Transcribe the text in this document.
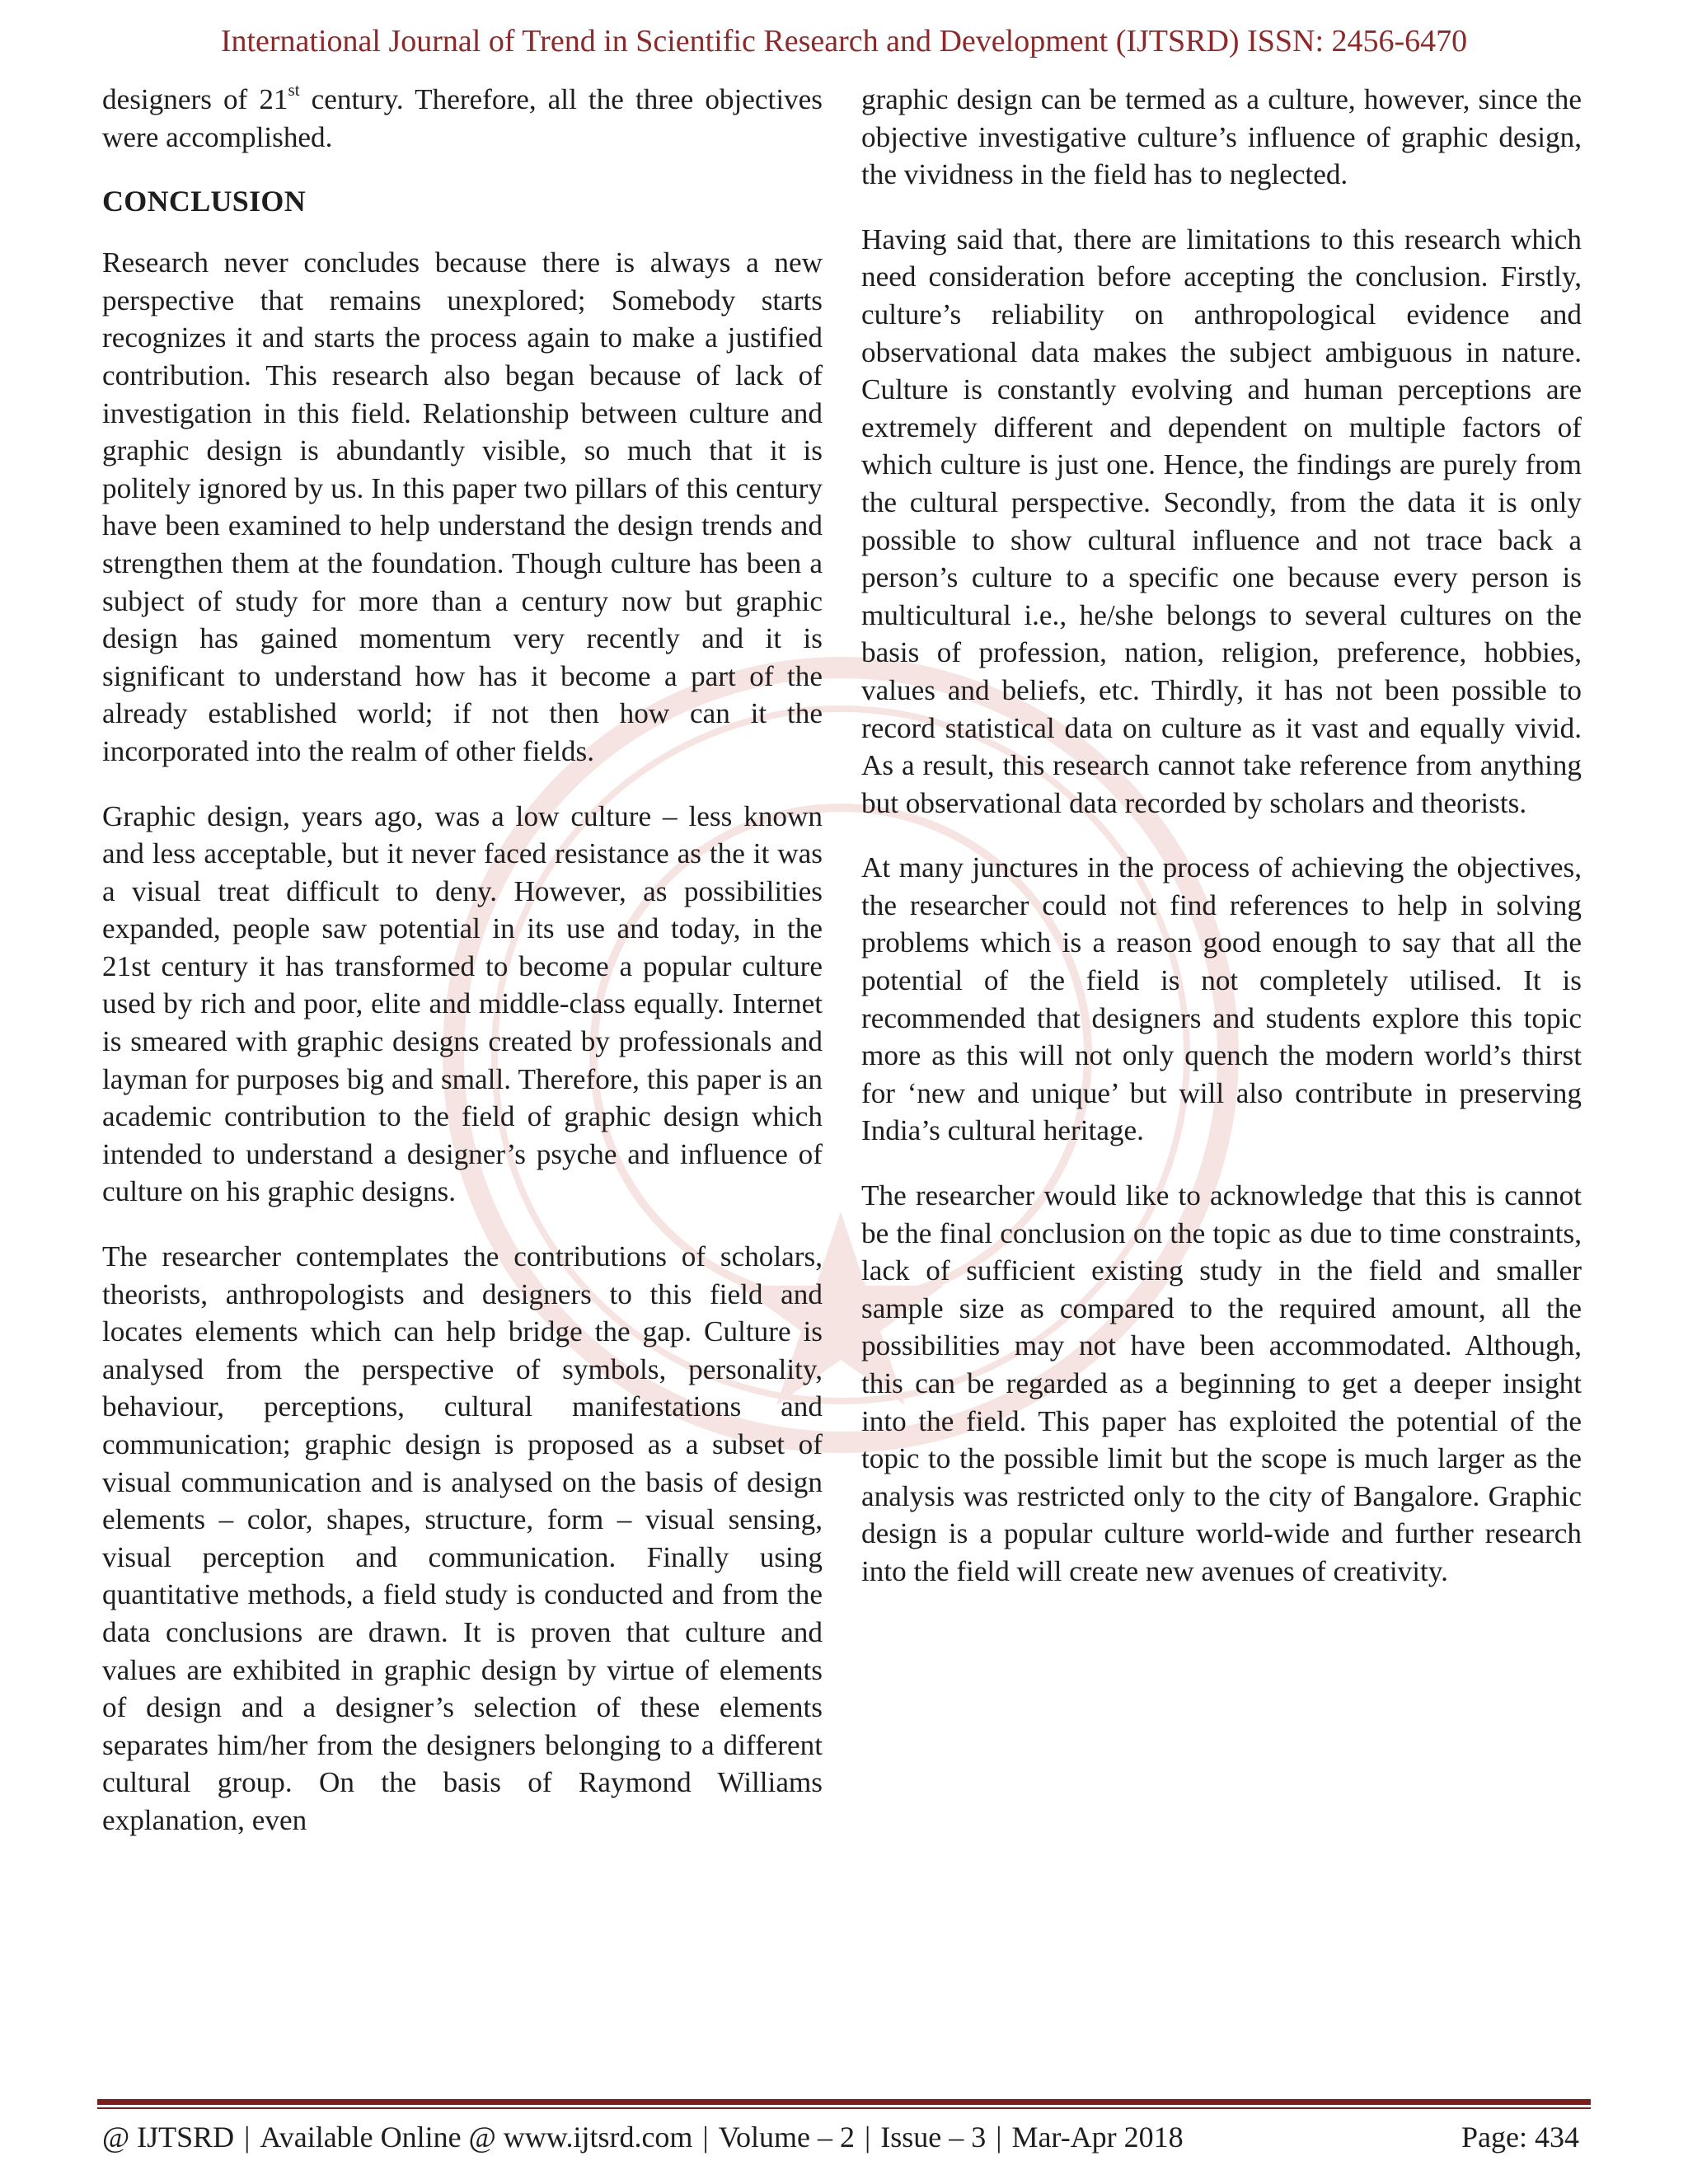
International Journal of Trend in Scientific Research and Development (IJTSRD) ISSN: 2456-6470

designers of 21st century. Therefore, all the three objectives were accomplished.

CONCLUSION

Research never concludes because there is always a new perspective that remains unexplored; Somebody starts recognizes it and starts the process again to make a justified contribution. This research also began because of lack of investigation in this field. Relationship between culture and graphic design is abundantly visible, so much that it is politely ignored by us. In this paper two pillars of this century have been examined to help understand the design trends and strengthen them at the foundation. Though culture has been a subject of study for more than a century now but graphic design has gained momentum very recently and it is significant to understand how has it become a part of the already established world; if not then how can it the incorporated into the realm of other fields.

Graphic design, years ago, was a low culture – less known and less acceptable, but it never faced resistance as the it was a visual treat difficult to deny. However, as possibilities expanded, people saw potential in its use and today, in the 21st century it has transformed to become a popular culture used by rich and poor, elite and middle-class equally. Internet is smeared with graphic designs created by professionals and layman for purposes big and small. Therefore, this paper is an academic contribution to the field of graphic design which intended to understand a designer’s psyche and influence of culture on his graphic designs.

The researcher contemplates the contributions of scholars, theorists, anthropologists and designers to this field and locates elements which can help bridge the gap. Culture is analysed from the perspective of symbols, personality, behaviour, perceptions, cultural manifestations and communication; graphic design is proposed as a subset of visual communication and is analysed on the basis of design elements – color, shapes, structure, form – visual sensing, visual perception and communication. Finally using quantitative methods, a field study is conducted and from the data conclusions are drawn. It is proven that culture and values are exhibited in graphic design by virtue of elements of design and a designer’s selection of these elements separates him/her from the designers belonging to a different cultural group. On the basis of Raymond Williams explanation, even

graphic design can be termed as a culture, however, since the objective investigative culture’s influence of graphic design, the vividness in the field has to neglected.

Having said that, there are limitations to this research which need consideration before accepting the conclusion. Firstly, culture’s reliability on anthropological evidence and observational data makes the subject ambiguous in nature. Culture is constantly evolving and human perceptions are extremely different and dependent on multiple factors of which culture is just one. Hence, the findings are purely from the cultural perspective. Secondly, from the data it is only possible to show cultural influence and not trace back a person’s culture to a specific one because every person is multicultural i.e., he/she belongs to several cultures on the basis of profession, nation, religion, preference, hobbies, values and beliefs, etc. Thirdly, it has not been possible to record statistical data on culture as it vast and equally vivid. As a result, this research cannot take reference from anything but observational data recorded by scholars and theorists.

At many junctures in the process of achieving the objectives, the researcher could not find references to help in solving problems which is a reason good enough to say that all the potential of the field is not completely utilised. It is recommended that designers and students explore this topic more as this will not only quench the modern world’s thirst for ‘new and unique’ but will also contribute in preserving India’s cultural heritage.

The researcher would like to acknowledge that this is cannot be the final conclusion on the topic as due to time constraints, lack of sufficient existing study in the field and smaller sample size as compared to the required amount, all the possibilities may not have been accommodated. Although, this can be regarded as a beginning to get a deeper insight into the field. This paper has exploited the potential of the topic to the possible limit but the scope is much larger as the analysis was restricted only to the city of Bangalore. Graphic design is a popular culture world-wide and further research into the field will create new avenues of creativity.

@ IJTSRD | Available Online @ www.ijtsrd.com | Volume – 2 | Issue – 3 | Mar-Apr 2018	Page: 434
